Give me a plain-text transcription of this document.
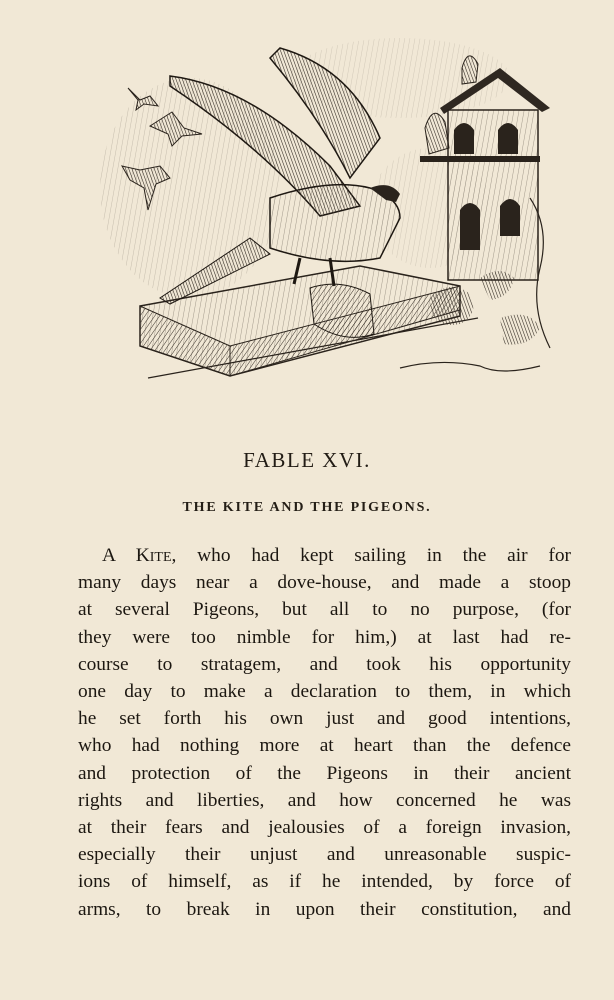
FABLE XVI.
THE KITE AND THE PIGEONS.
A Kite, who had kept sailing in the air for
many days near a dove-house, and made a stoop
at several Pigeons, but all to no purpose, (for
they were too nimble for him,) at last had re-
course to stratagem, and took his opportunity
one day to make a declaration to them, in which
he set forth his own just and good intentions,
who had nothing more at heart than the defence
and protection of the Pigeons in their ancient
rights and liberties, and how concerned he was
at their fears and jealousies of a foreign invasion,
especially their unjust and unreasonable suspic-
ions of himself, as if he intended, by force of
arms, to break in upon their constitution, and
